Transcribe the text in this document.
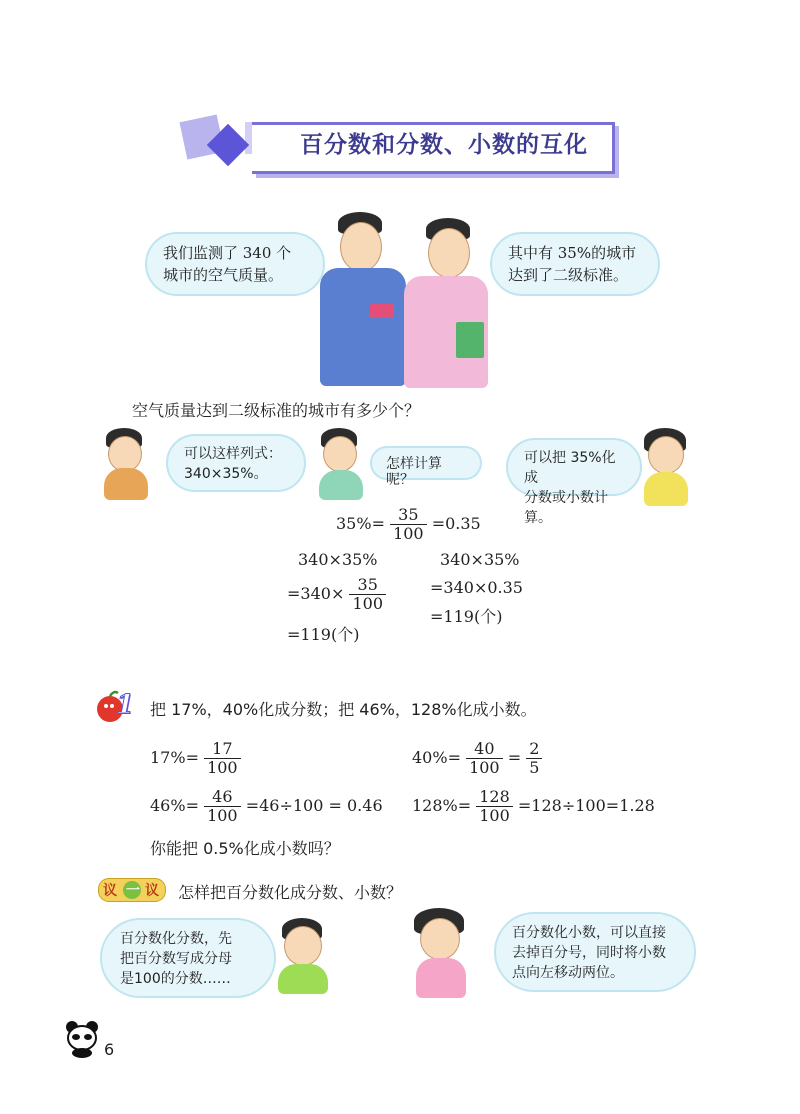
百分数和分数、小数的互化
我们监测了 340 个
城市的空气质量。
其中有 35%的城市
达到了二级标准。
空气质量达到二级标准的城市有多少个？
可以这样列式：
340×35%。
怎样计算呢？
可以把 35%化成
分数或小数计算。
$35\%= \frac{35}{100} =0.35$
340×35%
$=340\times \frac{35}{100}$
=119(个)
340×35%
=340×0.35
=119(个)
1 把 17%，40%化成分数；把 46%，128%化成小数。
$17\%= \frac{17}{100}$	$40\%= \frac{40}{100} = \frac{2}{5}$
$46\%= \frac{46}{100} =46\div 100 = 0.46$ $128\%= \frac{128}{100} =128\div 100=1.28$
你能把 0.5%化成小数吗？
议 一 议 怎样把百分数化成分数、小数？
百分数化分数，先
把百分数写成分母
是100的分数……
百分数化小数，可以直接
去掉百分号，同时将小数
点向左移动两位。
6
